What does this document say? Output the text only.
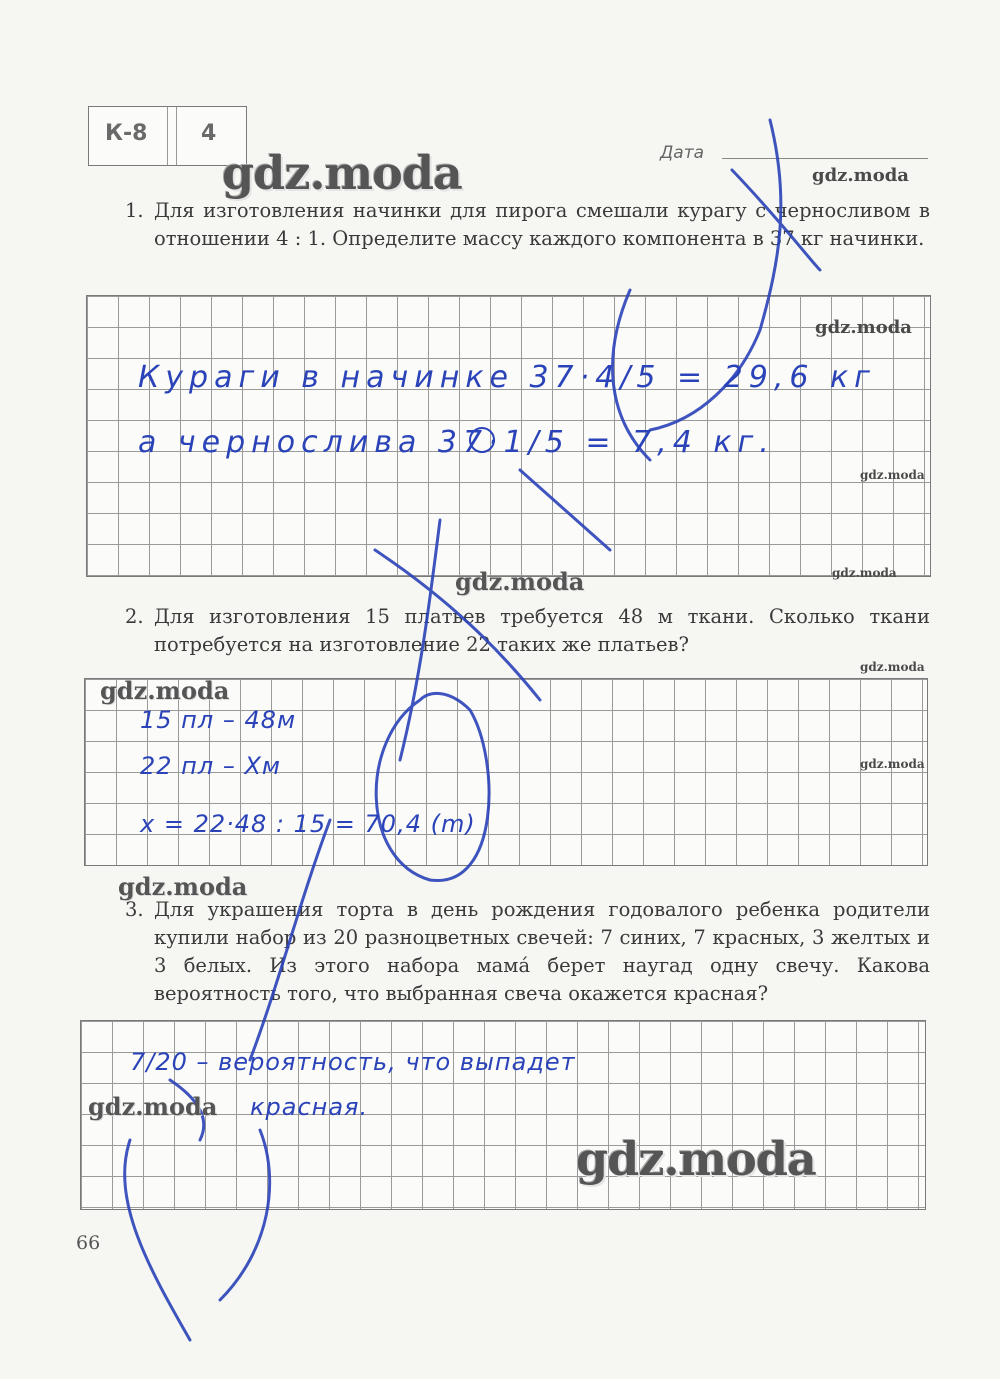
К-8 4
Дата
1. Для изготовления начинки для пирога смешали курагу с черносливом в отношении 4 : 1. Определите массу каждого компонента в 37 кг начинки.
2. Для изготовления 15 платьев требуется 48 м ткани. Сколько ткани потребуется на изготовление 22 таких же платьев?
3. Для украшения торта в день рождения годовалого ребенка родители купили набор из 20 разноцветных свечей: 7 синих, 7 красных, 3 желтых и 3 белых. Из этого набора мама́ берет наугад одну свечу. Какова вероятность того, что выбранная свеча окажется красная?
Кураги в начинке 37·4/5 = 29,6 кг
а чернослива 37·1/5 = 7,4 кг.
15 пл – 48м
22 пл – Хм
x = 22·48 : 15 = 70,4 (m)
7/20 – вероятность, что выпадет
красная.
gdz.moda	gdz.moda
gdz.moda
gdz.moda
gdz.moda	gdz.moda
gdz.moda
gdz.moda
gdz.moda
gdz.moda
gdz.moda
gdz.moda
66
